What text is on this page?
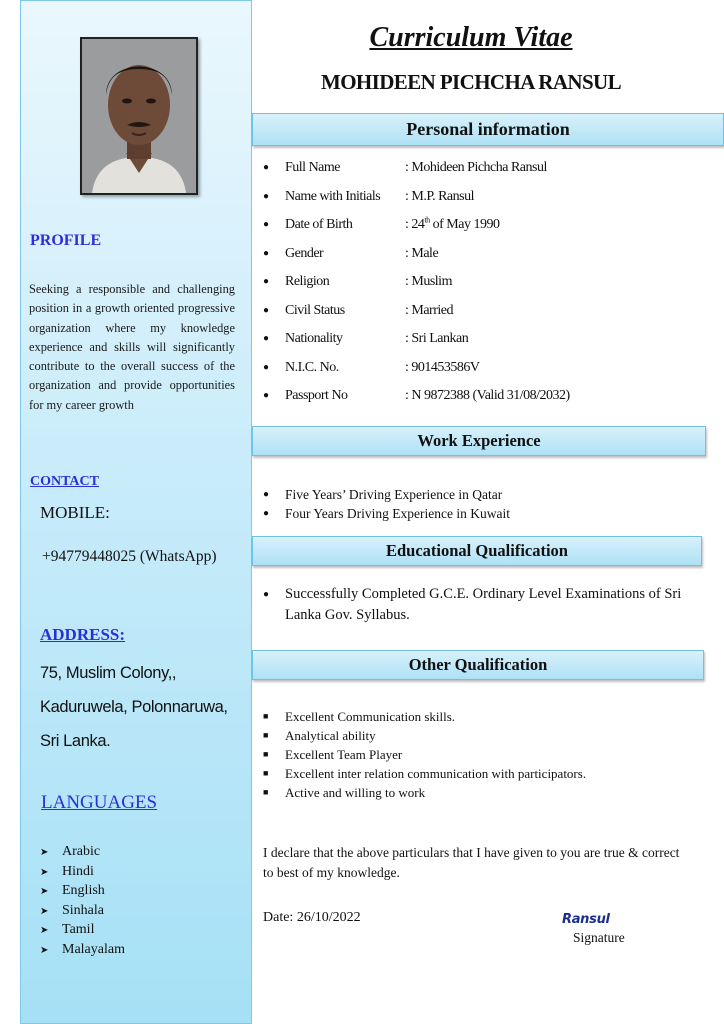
PROFILE
Seeking a responsible and challenging position in a growth oriented progressive organization where my knowledge experience and skills will significantly contribute to the overall success of the organization and provide opportunities for my career growth
CONTACT
MOBILE:
+94779448025 (WhatsApp)
ADDRESS:
75, Muslim Colony,,
Kaduruwela, Polonnaruwa,
Sri Lanka.
LANGUAGES
➤ Arabic
➤ Hindi
➤ English
➤ Sinhala
➤ Tamil
➤ Malayalam
Curriculum Vitae
MOHIDEEN PICHCHA RANSUL
Personal information
● Full Name	: Mohideen Pichcha Ransul
● Name with Initials : M.P. Ransul
● Date of Birth	: 24th of May 1990
● Gender	: Male
● Religion	: Muslim
● Civil Status	: Married
● Nationality	: Sri Lankan
● N.I.C. No.	: 901453586V
● Passport No	: N 9872388 (Valid 31/08/2032)
Work Experience
● Five Years’ Driving Experience in Qatar
● Four Years Driving Experience in Kuwait
Educational Qualification
●	Successfully Completed G.C.E. Ordinary Level Examinations of Sri Lanka Gov. Syllabus.
Other Qualification
■ Excellent Communication skills.
■ Analytical ability
■ Excellent Team Player
■ Excellent inter relation communication with participators.
■ Active and willing to work
I declare that the above particulars that I have given to you are true & correct to best of my knowledge.
Date: 26/10/2022	Ransul
Signature
